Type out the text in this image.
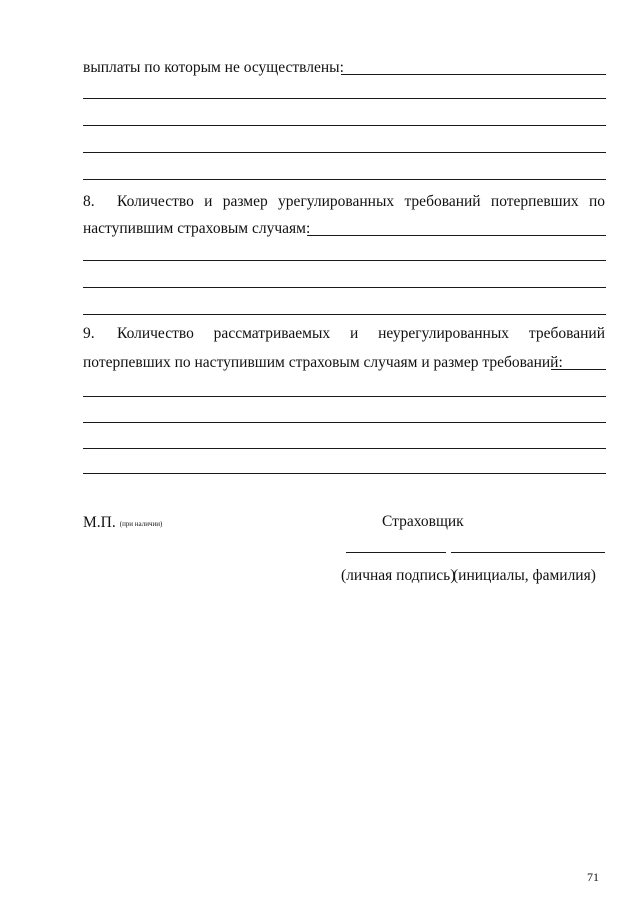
выплаты по которым не осуществлены:
8. Количество и размер урегулированных требований потерпевших по
наступившим страховым случаям:
9. Количество рассматриваемых и неурегулированных требований
потерпевших по наступившим страховым случаям и размер требований:
М.П. (при наличии)	Страховщик
(личная подпись)
(инициалы, фамилия)
71
